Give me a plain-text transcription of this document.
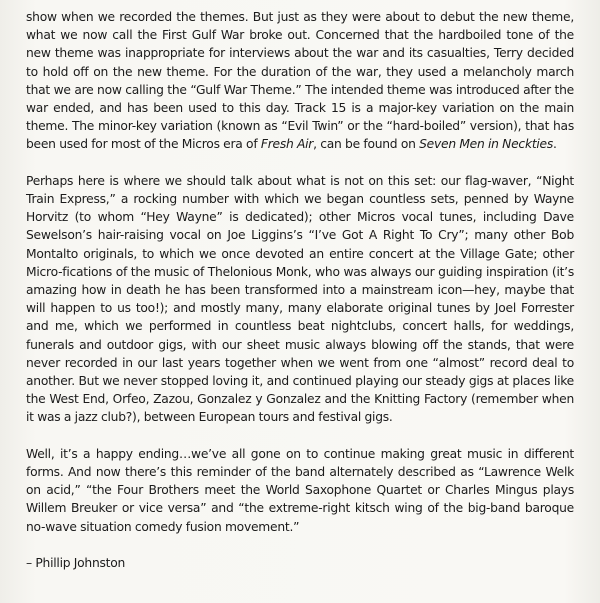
show when we recorded the themes. But just as they were about to debut the new theme, what we now call the First Gulf War broke out. Concerned that the hardboiled tone of the new theme was inappropriate for interviews about the war and its casualties, Terry decided to hold off on the new theme. For the duration of the war, they used a melancholy march that we are now calling the “Gulf War Theme.” The intended theme was introduced after the war ended, and has been used to this day. Track 15 is a major-key variation on the main theme. The minor-key variation (known as “Evil Twin” or the “hard-boiled” version), that has been used for most of the Micros era of Fresh Air, can be found on Seven Men in Neckties.

Perhaps here is where we should talk about what is not on this set: our flag-waver, “Night Train Express,” a rocking number with which we began countless sets, penned by Wayne Horvitz (to whom “Hey Wayne” is dedicated); other Micros vocal tunes, including Dave Sewelson’s hair-raising vocal on Joe Liggins’s “I’ve Got A Right To Cry”; many other Bob Montalto originals, to which we once devoted an entire concert at the Village Gate; other Micro-fications of the music of Thelonious Monk, who was always our guiding inspiration (it’s amazing how in death he has been transformed into a mainstream icon—hey, maybe that will happen to us too!); and mostly many, many elaborate original tunes by Joel Forrester and me, which we performed in countless beat nightclubs, concert halls, for weddings, funerals and outdoor gigs, with our sheet music always blowing off the stands, that were never recorded in our last years together when we went from one “almost” record deal to another. But we never stopped loving it, and continued playing our steady gigs at places like the West End, Orfeo, Zazou, Gonzalez y Gonzalez and the Knitting Factory (remember when it was a jazz club?), between European tours and festival gigs.

Well, it’s a happy ending…we’ve all gone on to continue making great music in different forms. And now there’s this reminder of the band alternately described as “Lawrence Welk on acid,” “the Four Brothers meet the World Saxophone Quartet or Charles Mingus plays Willem Breuker or vice versa” and “the extreme-right kitsch wing of the big-band baroque no-wave situation comedy fusion movement.”

– Phillip Johnston
